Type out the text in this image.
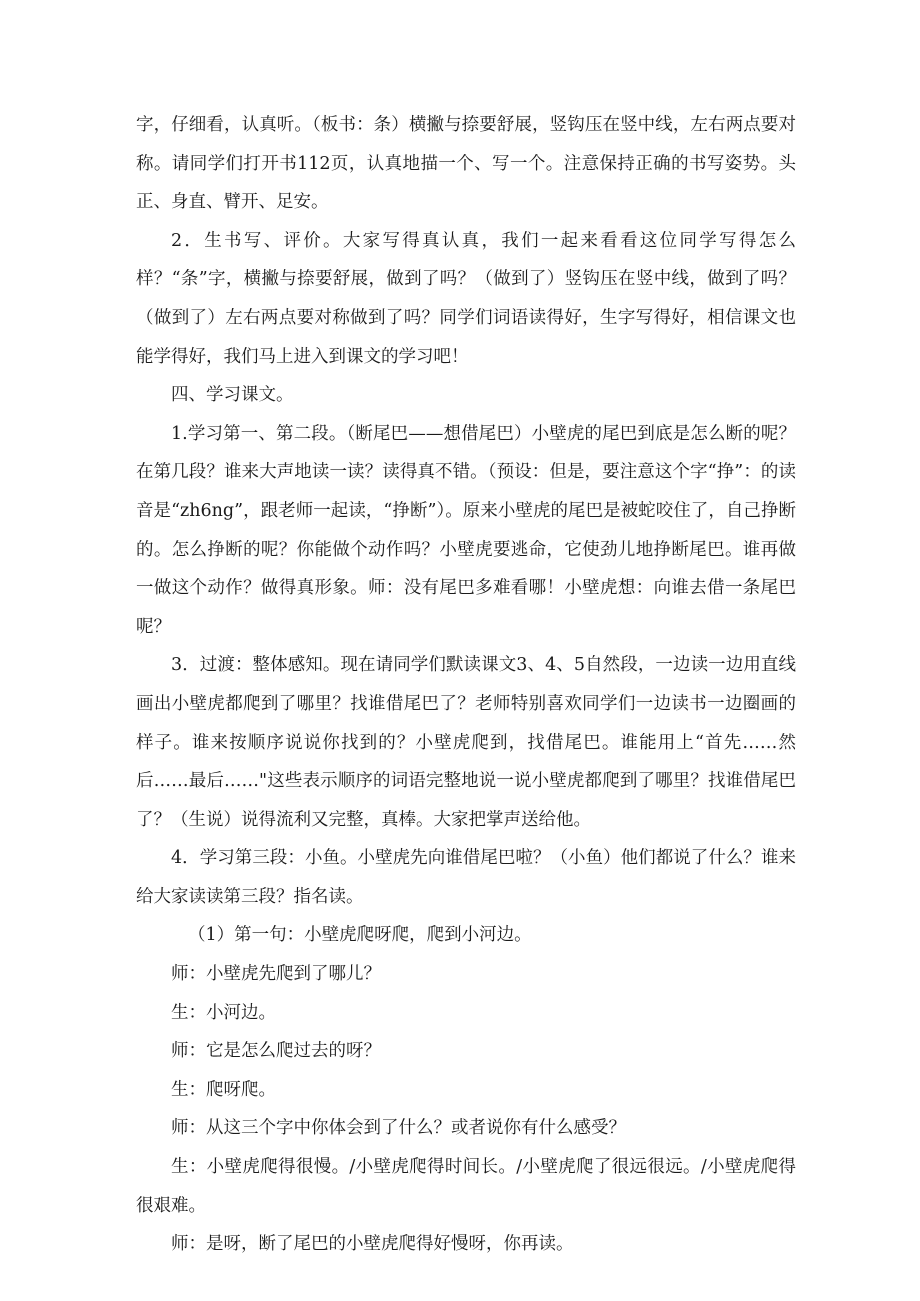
字，仔细看，认真听。（板书：条）横撇与捺要舒展，竖钩压在竖中线，左右两点要对称。请同学们打开书112页，认真地描一个、写一个。注意保持正确的书写姿势。头正、身直、臂开、足安。

2．生书写、评价。大家写得真认真，我们一起来看看这位同学写得怎么样？“条”字，横撇与捺要舒展，做到了吗？（做到了）竖钩压在竖中线，做到了吗？（做到了）左右两点要对称做到了吗？同学们词语读得好，生字写得好，相信课文也能学得好，我们马上进入到课文的学习吧！

四、学习课文。

1.学习第一、第二段。（断尾巴——想借尾巴）小壁虎的尾巴到底是怎么断的呢？在第几段？谁来大声地读一读？读得真不错。（预设：但是，要注意这个字“挣”：的读音是“zh6ng”，跟老师一起读，“挣断”）。原来小壁虎的尾巴是被蛇咬住了，自己挣断的。怎么挣断的呢？你能做个动作吗？小壁虎要逃命，它使劲儿地挣断尾巴。谁再做一做这个动作？做得真形象。师：没有尾巴多难看哪！小壁虎想：向谁去借一条尾巴呢？

3．过渡：整体感知。现在请同学们默读课文3、4、5自然段，一边读一边用直线画出小壁虎都爬到了哪里？找谁借尾巴了？老师特别喜欢同学们一边读书一边圈画的样子。谁来按顺序说说你找到的？小壁虎爬到，找借尾巴。谁能用上“首先……然后……最后……"这些表示顺序的词语完整地说一说小壁虎都爬到了哪里？找谁借尾巴了？（生说）说得流利又完整，真棒。大家把掌声送给他。

4．学习第三段：小鱼。小壁虎先向谁借尾巴啦？（小鱼）他们都说了什么？谁来给大家读读第三段？指名读。

（1）第一句：小壁虎爬呀爬，爬到小河边。

师：小壁虎先爬到了哪儿？

生：小河边。

师：它是怎么爬过去的呀？

生：爬呀爬。

师：从这三个字中你体会到了什么？或者说你有什么感受？

生：小壁虎爬得很慢。/小壁虎爬得时间长。/小壁虎爬了很远很远。/小壁虎爬得很艰难。

师：是呀，断了尾巴的小壁虎爬得好慢呀，你再读。
